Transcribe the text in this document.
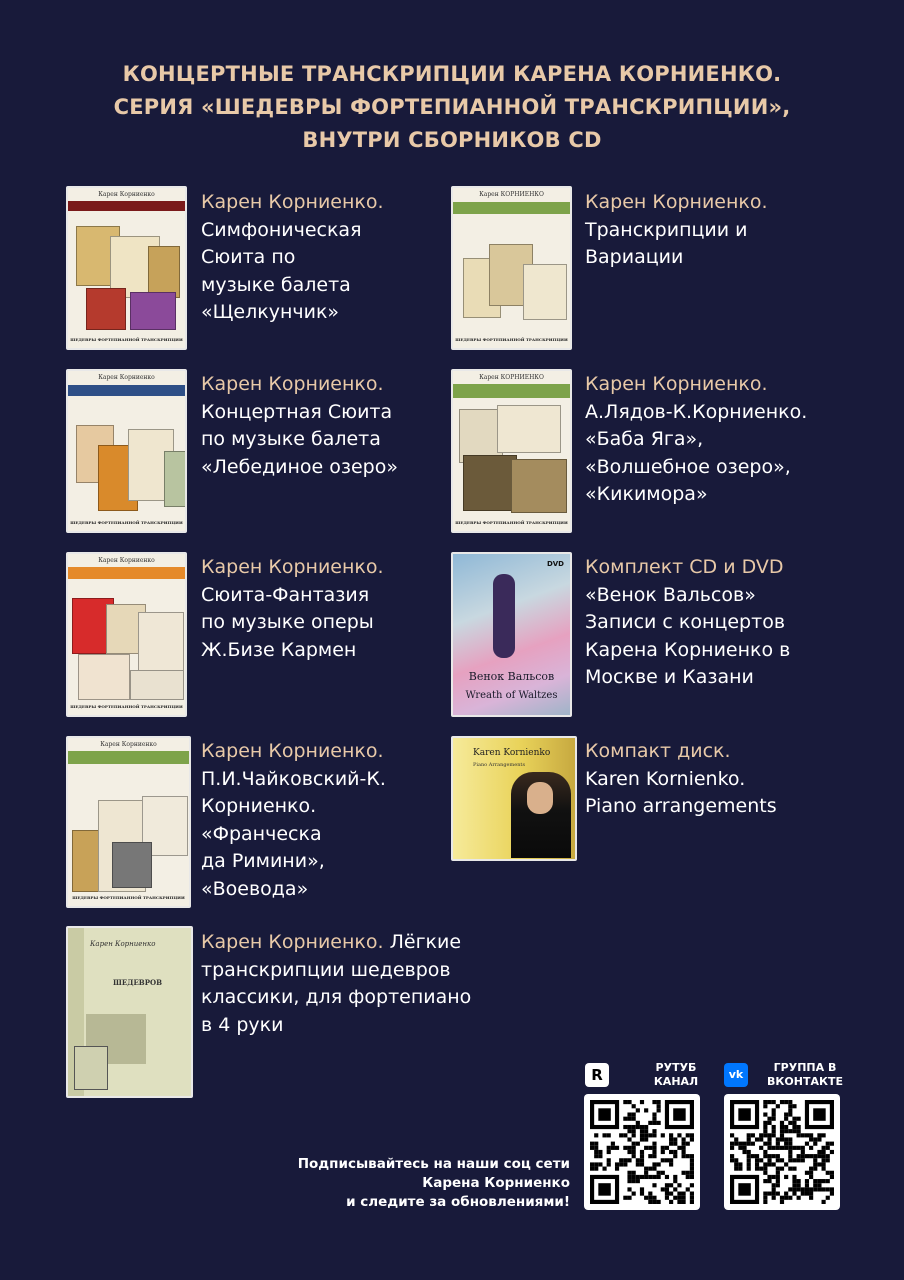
КОНЦЕРТНЫЕ ТРАНСКРИПЦИИ КАРЕНА КОРНИЕНКО.
СЕРИЯ «ШЕДЕВРЫ ФОРТЕПИАННОЙ ТРАНСКРИПЦИИ»,
ВНУТРИ СБОРНИКОВ CD
Карен Корниенко
ШЕДЕВРЫ ФОРТЕПИАННОЙ ТРАНСКРИПЦИИ
Карен Корниенко.
Симфоническая
Сюита по
музыке балета
«Щелкунчик»
Карен КОРНИЕНКО
ШЕДЕВРЫ ФОРТЕПИАННОЙ ТРАНСКРИПЦИИ
Карен Корниенко.
Транскрипции и
Вариации
Карен Корниенко
ШЕДЕВРЫ ФОРТЕПИАННОЙ ТРАНСКРИПЦИИ
Карен Корниенко.
Концертная Сюита
по музыке балета
«Лебединое озеро»
Карен КОРНИЕНКО
ШЕДЕВРЫ ФОРТЕПИАННОЙ ТРАНСКРИПЦИИ
Карен Корниенко.
А.Лядов-К.Корниенко.
«Баба Яга»,
«Волшебное озеро»,
«Кикимора»
Карен Корниенко
ШЕДЕВРЫ ФОРТЕПИАННОЙ ТРАНСКРИПЦИИ
Карен Корниенко.
Сюита-Фантазия
по музыке оперы
Ж.Бизе Кармен
DVD
Венок Вальсов
Wreath of Waltzes
Комплект CD и DVD
«Венок Вальсов»
Записи с концертов
Карена Корниенко в
Москве и Казани
Карен Корниенко
ШЕДЕВРЫ ФОРТЕПИАННОЙ ТРАНСКРИПЦИИ
Карен Корниенко.
П.И.Чайковский-К.
Корниенко.
«Франческа
да Римини»,
«Воевода»
Karen Kornienko
Piano Arrangements
Компакт диск.
Karen Kornienko.
Piano arrangements
Карен Корниенко
ШЕДЕВРОВ
Карен Корниенко. Лёгкие
транскрипции шедевров
классики, для фортепиано
в 4 руки
R	РУТУБ
КАНАЛ
vk
ГРУППА В
ВКОНТАКТЕ
Подписывайтесь на наши соц сети
Карена Корниенко
и следите за обновлениями!
